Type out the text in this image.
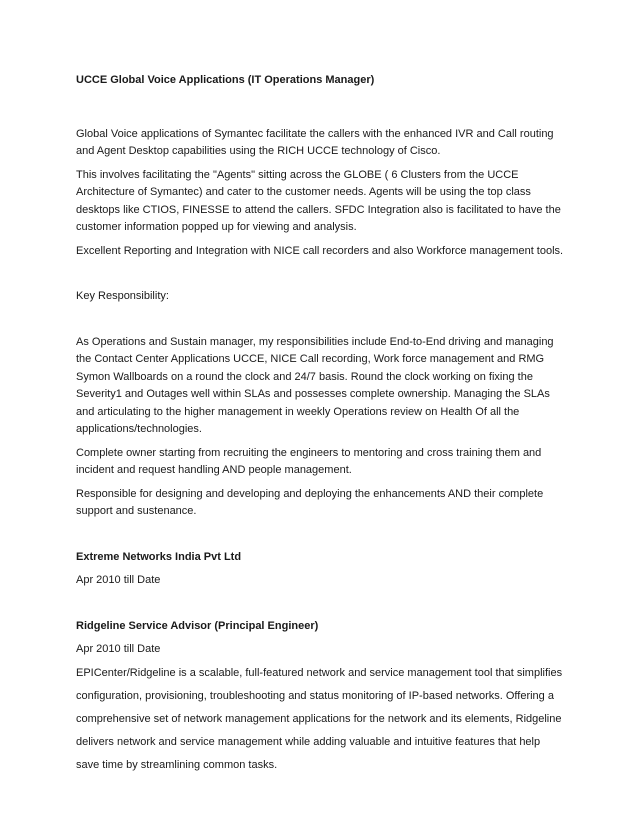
UCCE Global Voice Applications (IT Operations Manager)

Global Voice applications of Symantec facilitate the callers with the enhanced IVR and Call routing and Agent Desktop capabilities using the RICH UCCE technology of Cisco.

This involves facilitating the "Agents" sitting across the GLOBE ( 6 Clusters from the UCCE Architecture of Symantec) and cater to the customer needs. Agents will be using the top class desktops like CTIOS, FINESSE to attend the callers. SFDC Integration also is facilitated to have the customer information popped up for viewing and analysis.

Excellent Reporting and Integration with NICE call recorders and also Workforce management tools.

Key Responsibility:

As Operations and Sustain manager, my responsibilities include End-to-End driving and managing the Contact Center Applications UCCE, NICE Call recording, Work force management and RMG Symon Wallboards on a round the clock and 24/7 basis. Round the clock working on fixing the Severity1 and Outages well within SLAs and possesses complete ownership. Managing the SLAs and articulating to the higher management in weekly Operations review on Health Of all the applications/technologies.

Complete owner starting from recruiting the engineers to mentoring and cross training them and incident and request handling AND people management.

Responsible for designing and developing and deploying the enhancements AND their complete support and sustenance.

Extreme Networks India Pvt Ltd

Apr 2010 till Date

Ridgeline Service Advisor (Principal Engineer)

Apr 2010 till Date

EPICenter/Ridgeline is a scalable, full-featured network and service management tool that simplifies configuration, provisioning, troubleshooting and status monitoring of IP-based networks. Offering a comprehensive set of network management applications for the network and its elements, Ridgeline delivers network and service management while adding valuable and intuitive features that help save time by streamlining common tasks.
